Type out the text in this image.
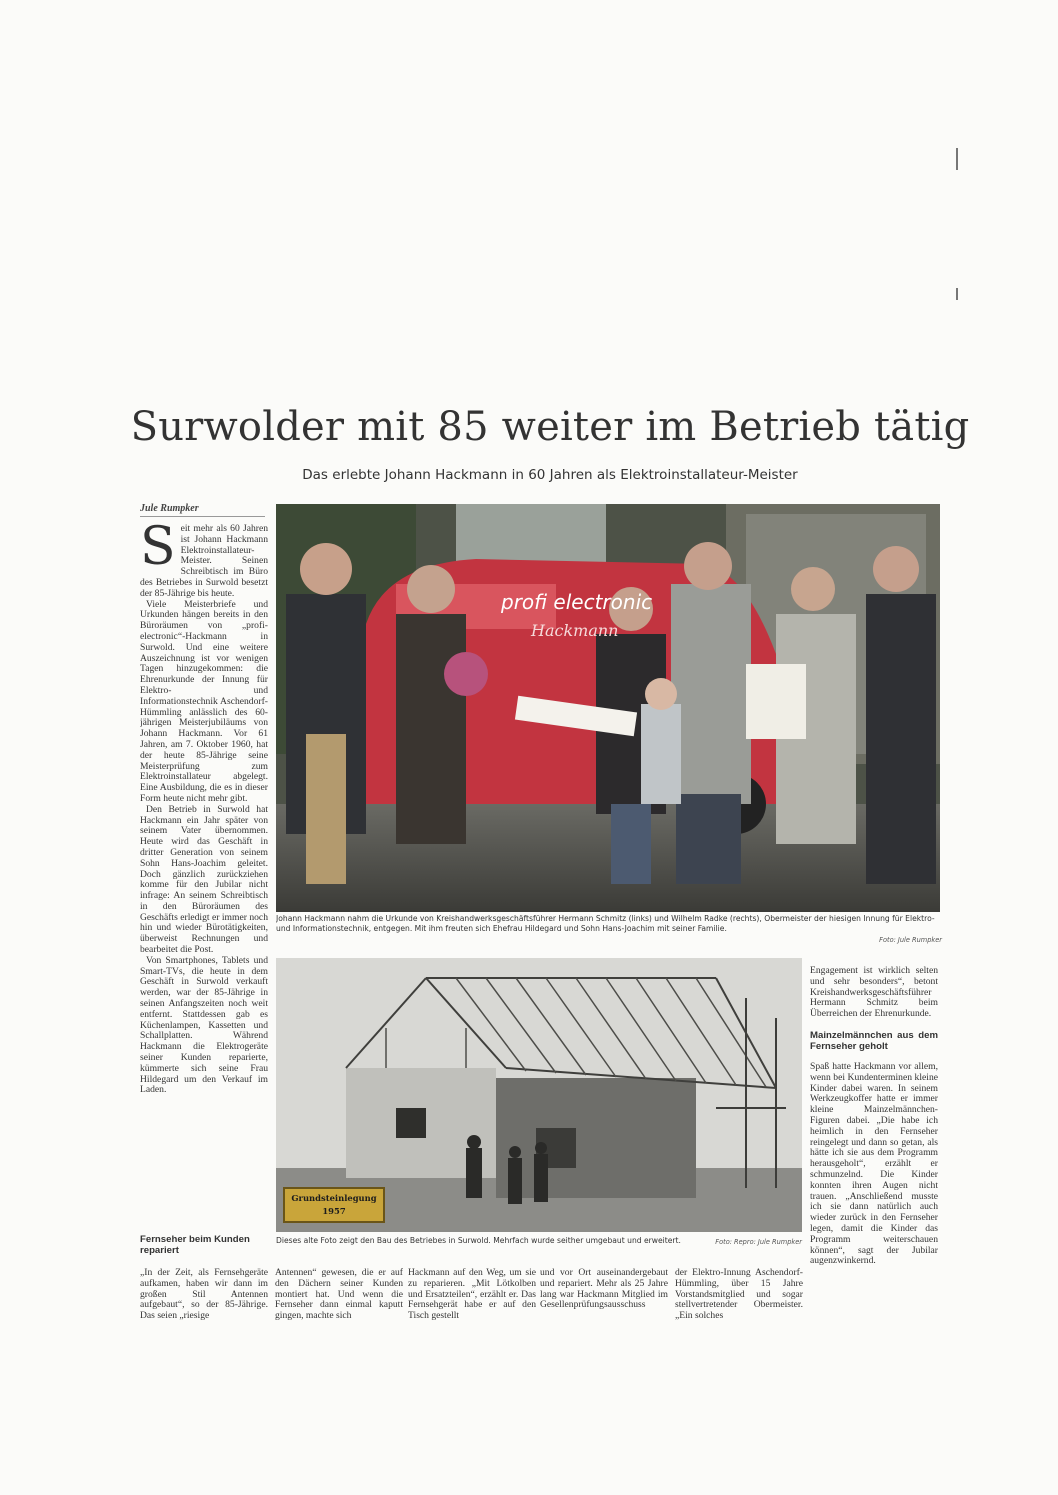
Surwolder mit 85 weiter im Betrieb tätig
Das erlebte Johann Hackmann in 60 Jahren als Elektroinstallateur-Meister
Jule Rumpker
S eit mehr als 60 Jahren ist Johann Hackmann Elektroinstallateur-Meister. Seinen Schreibtisch im Büro des Betriebes in Surwold besetzt der 85-Jährige bis heute.

Viele Meisterbriefe und Urkunden hängen bereits in den Büroräumen von „profi-electronic“-Hackmann in Surwold. Und eine weitere Auszeichnung ist vor wenigen Tagen hinzugekommen: die Ehrenurkunde der Innung für Elektro- und Informationstechnik Aschendorf-Hümmling anlässlich des 60-jährigen Meisterjubiläums von Johann Hackmann. Vor 61 Jahren, am 7. Oktober 1960, hat der heute 85-Jährige seine Meisterprüfung zum Elektroinstallateur abgelegt. Eine Ausbildung, die es in dieser Form heute nicht mehr gibt.

Den Betrieb in Surwold hat Hackmann ein Jahr später von seinem Vater übernommen. Heute wird das Geschäft in dritter Generation von seinem Sohn Hans-Joachim geleitet. Doch gänzlich zurückziehen komme für den Jubilar nicht infrage: An seinem Schreibtisch in den Büroräumen des Geschäfts erledigt er immer noch hin und wieder Bürotätigkeiten, überweist Rechnungen und bearbeitet die Post.

Von Smartphones, Tablets und Smart-TVs, die heute in dem Geschäft in Surwold verkauft werden, war der 85-Jährige in seinen Anfangszeiten noch weit entfernt. Stattdessen gab es Küchenlampen, Kassetten und Schallplatten. Während Hackmann die Elektrogeräte seiner Kunden reparierte, kümmerte sich seine Frau Hildegard um den Verkauf im Laden.

Fernseher beim Kunden repariert
„In der Zeit, als Fernsehgeräte aufkamen, haben wir dann im großen Stil Antennen aufgebaut“, so der 85-Jährige. Das seien „riesige
Antennen“ gewesen, die er auf den Dächern seiner Kunden montiert hat. Und wenn die Fernseher dann einmal kaputt gingen, machte sich
Hackmann auf den Weg, um sie zu reparieren. „Mit Lötkolben und Ersatzteilen“, erzählt er. Das Fernsehgerät habe er auf den Tisch gestellt
und vor Ort auseinandergebaut und repariert. Mehr als 25 Jahre lang war Hackmann Mitglied im Gesellenprüfungsausschuss
der Elektro-Innung Aschendorf-Hümmling, über 15 Jahre Vorstandsmitglied und sogar stellvertretender Obermeister. „Ein solches

Engagement ist wirklich selten und sehr besonders“, betont Kreishandwerksgeschäftsführer Hermann Schmitz beim Überreichen der Ehrenurkunde.

Mainzelmännchen aus dem Fernseher geholt

Spaß hatte Hackmann vor allem, wenn bei Kundenterminen kleine Kinder dabei waren. In seinem Werkzeugkoffer hatte er immer kleine Mainzelmännchen-Figuren dabei. „Die habe ich heimlich in den Fernseher reingelegt und dann so getan, als hätte ich sie aus dem Programm herausgeholt“, erzählt er schmunzelnd. Die Kinder konnten ihren Augen nicht trauen. „Anschließend musste ich sie dann natürlich auch wieder zurück in den Fernseher legen, damit die Kinder das Programm weiterschauen können“, sagt der Jubilar augenzwinkernd.

profi electronic
Hackmann
Johann Hackmann nahm die Urkunde von Kreishandwerksgeschäftsführer Hermann Schmitz (links) und Wilhelm Radke (rechts), Obermeister der hiesigen Innung für Elektro- und Informationstechnik, entgegen. Mit ihm freuten sich Ehefrau Hildegard und Sohn Hans-Joachim mit seiner Familie.
Foto: Jule Rumpker
Grundsteinlegung
1957
Dieses alte Foto zeigt den Bau des Betriebes in Surwold. Mehrfach wurde seither umgebaut und erweitert.	Foto: Repro: Jule Rumpker
